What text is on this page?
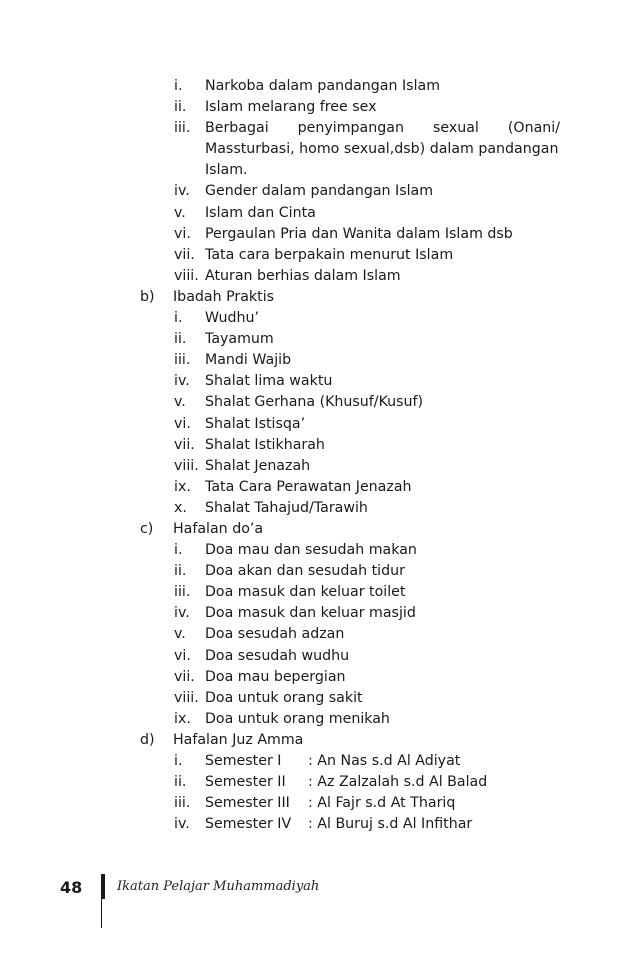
i. Narkoba dalam pandangan Islam
ii. Islam melarang free sex
iii. Berbagai penyimpangan sexual (Onani/
Massturbasi, homo sexual,dsb) dalam pandangan
Islam.
iv. Gender dalam pandangan Islam
v. Islam dan Cinta
vi. Pergaulan Pria dan Wanita dalam Islam dsb
vii. Tata cara berpakain menurut Islam
viii. Aturan berhias dalam Islam
b) Ibadah Praktis
i. Wudhu’
ii. Tayamum
iii. Mandi Wajib
iv. Shalat lima waktu
v. Shalat Gerhana (Khusuf/Kusuf)
vi. Shalat Istisqa’
vii. Shalat Istikharah
viii. Shalat Jenazah
ix. Tata Cara Perawatan Jenazah
x. Shalat Tahajud/Tarawih
c) Hafalan do’a
i. Doa mau dan sesudah makan
ii. Doa akan dan sesudah tidur
iii. Doa masuk dan keluar toilet
iv. Doa masuk dan keluar masjid
v. Doa sesudah adzan
vi. Doa sesudah wudhu
vii. Doa mau bepergian
viii. Doa untuk orang sakit
ix. Doa untuk orang menikah
d) Hafalan Juz Amma
i. Semester I : An Nas s.d Al Adiyat
ii. Semester II : Az Zalzalah s.d Al Balad
iii. Semester III : Al Fajr s.d At Thariq
iv. Semester IV : Al Buruj s.d Al Infithar
48	Ikatan Pelajar Muhammadiyah
